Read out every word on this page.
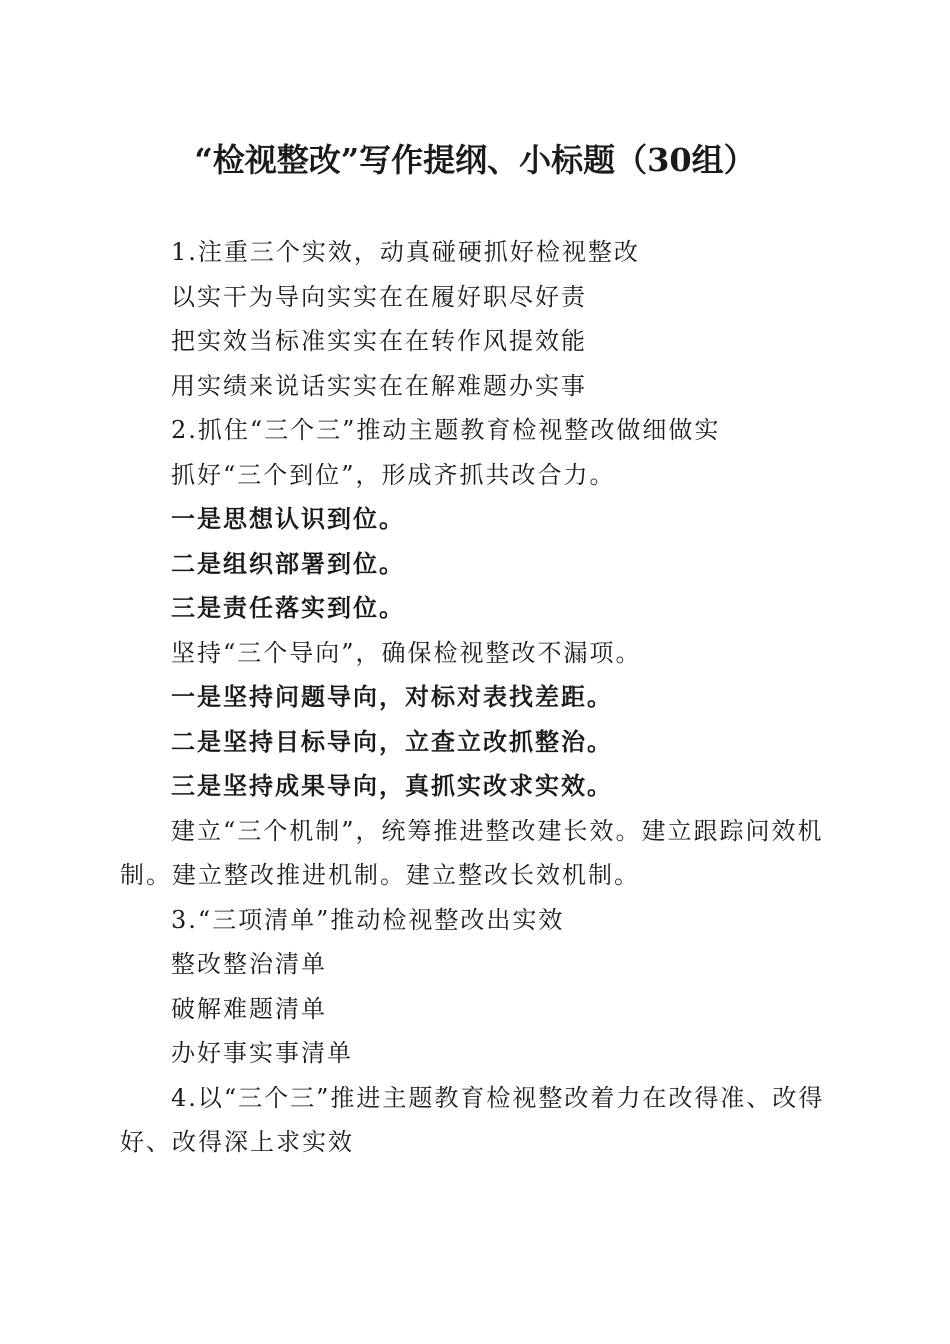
“检视整改”写作提纲、小标题（30组）

1.注重三个实效，动真碰硬抓好检视整改

以实干为导向实实在在履好职尽好责

把实效当标准实实在在转作风提效能

用实绩来说话实实在在解难题办实事

2.抓住“三个三”推动主题教育检视整改做细做实

抓好“三个到位”，形成齐抓共改合力。

一是思想认识到位。

二是组织部署到位。

三是责任落实到位。

坚持“三个导向”，确保检视整改不漏项。

一是坚持问题导向，对标对表找差距。

二是坚持目标导向，立查立改抓整治。

三是坚持成果导向，真抓实改求实效。

建立“三个机制”，统筹推进整改建长效。建立跟踪问效机制。建立整改推进机制。建立整改长效机制。

3.“三项清单”推动检视整改出实效

整改整治清单

破解难题清单

办好事实事清单

4.以“三个三”推进主题教育检视整改着力在改得准、改得好、改得深上求实效
